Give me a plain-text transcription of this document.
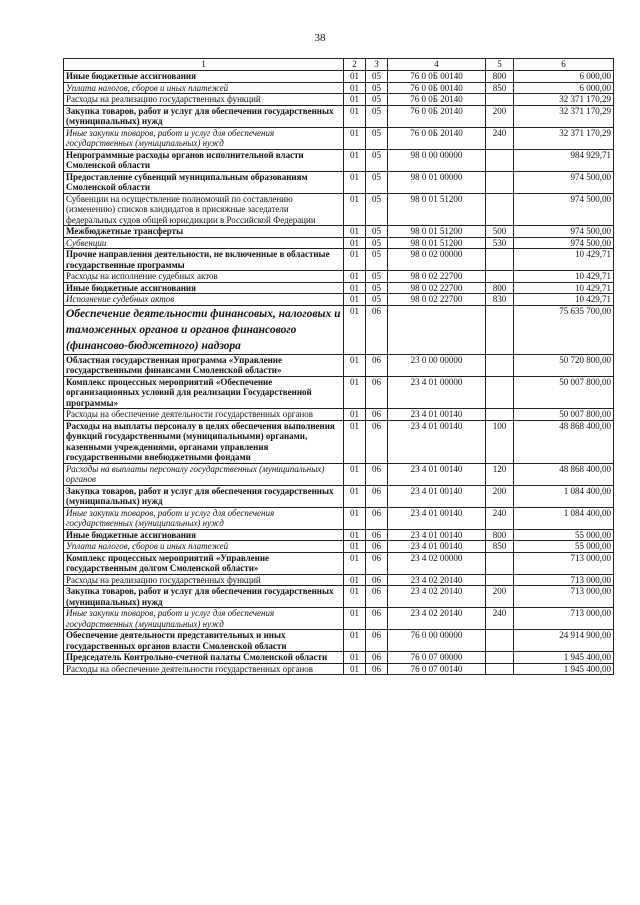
38
1	2	3	4	5	6
Иные бюджетные ассигнования	01	05	76 0 0Б 00140	800	6 000,00
Уплата налогов, сборов и иных платежей	01	05	76 0 0Б 00140	850	6 000,00
Расходы на реализацию государственных функций	01	05	76 0 0Б 20140		32 371 170,29
Закупка товаров, работ и услуг для обеспечения государственных (муниципальных) нужд	01	05	76 0 0Б 20140	200	32 371 170,29
Иные закупки товаров, работ и услуг для обеспечения государственных (муниципальных) нужд	01	05	76 0 0Б 20140	240	32 371 170,29
Непрограммные расходы органов исполнительной власти Смоленской области	01	05	98 0 00 00000		984 929,71
Предоставление субвенций муниципальным образованиям Смоленской области	01	05	98 0 01 00000		974 500,00
Субвенции на осуществление полномочий по составлению (изменению) списков кандидатов в присяжные заседатели федеральных судов общей юрисдикции в Российской Федерации	01	05	98 0 01 51200		974 500,00
Межбюджетные трансферты	01	05	98 0 01 51200	500	974 500,00
Субвенции	01	05	98 0 01 51200	530	974 500,00
Прочие направления деятельности, не включенные в областные государственные программы	01	05	98 0 02 00000		10 429,71
Расходы на исполнение судебных актов	01	05	98 0 02 22700		10 429,71
Иные бюджетные ассигнования	01	05	98 0 02 22700	800	10 429,71
Исполнение судебных актов	01	05	98 0 02 22700	830	10 429,71
Обеспечение деятельности финансовых, налоговых и таможенных органов и органов финансового (финансово-бюджетного) надзора	01	06			75 635 700,00
Областная государственная программа «Управление государственными финансами Смоленской области»	01	06	23 0 00 00000		50 720 800,00
Комплекс процессных мероприятий «Обеспечение организационных условий для реализации Государственной программы»	01	06	23 4 01 00000		50 007 800,00
Расходы на обеспечение деятельности государственных органов	01	06	23 4 01 00140		50 007 800,00
Расходы на выплаты персоналу в целях обеспечения выполнения функций государственными (муниципальными) органами, казенными учреждениями, органами управления государственными внебюджетными фондами	01	06	23 4 01 00140	100	48 868 400,00
Расходы на выплаты персоналу государственных (муниципальных) органов	01	06	23 4 01 00140	120	48 868 400,00
Закупка товаров, работ и услуг для обеспечения государственных (муниципальных) нужд	01	06	23 4 01 00140	200	1 084 400,00
Иные закупки товаров, работ и услуг для обеспечения государственных (муниципальных) нужд	01	06	23 4 01 00140	240	1 084 400,00
Иные бюджетные ассигнования	01	06	23 4 01 00140	800	55 000,00
Уплата налогов, сборов и иных платежей	01	06	23 4 01 00140	850	55 000,00
Комплекс процессных мероприятий «Управление государственным долгом Смоленской области»	01	06	23 4 02 00000		713 000,00
Расходы на реализацию государственных функций	01	06	23 4 02 20140		713 000,00
Закупка товаров, работ и услуг для обеспечения государственных (муниципальных) нужд	01	06	23 4 02 20140	200	713 000,00
Иные закупки товаров, работ и услуг для обеспечения государственных (муниципальных) нужд	01	06	23 4 02 20140	240	713 000,00
Обеспечение деятельности представительных и иных государственных органов власти Смоленской области	01	06	76 0 00 00000		24 914 900,00
Председатель Контрольно-счетной палаты Смоленской области	01	06	76 0 07 00000		1 945 400,00
Расходы на обеспечение деятельности государственных органов	01	06	76 0 07 00140		1 945 400,00
